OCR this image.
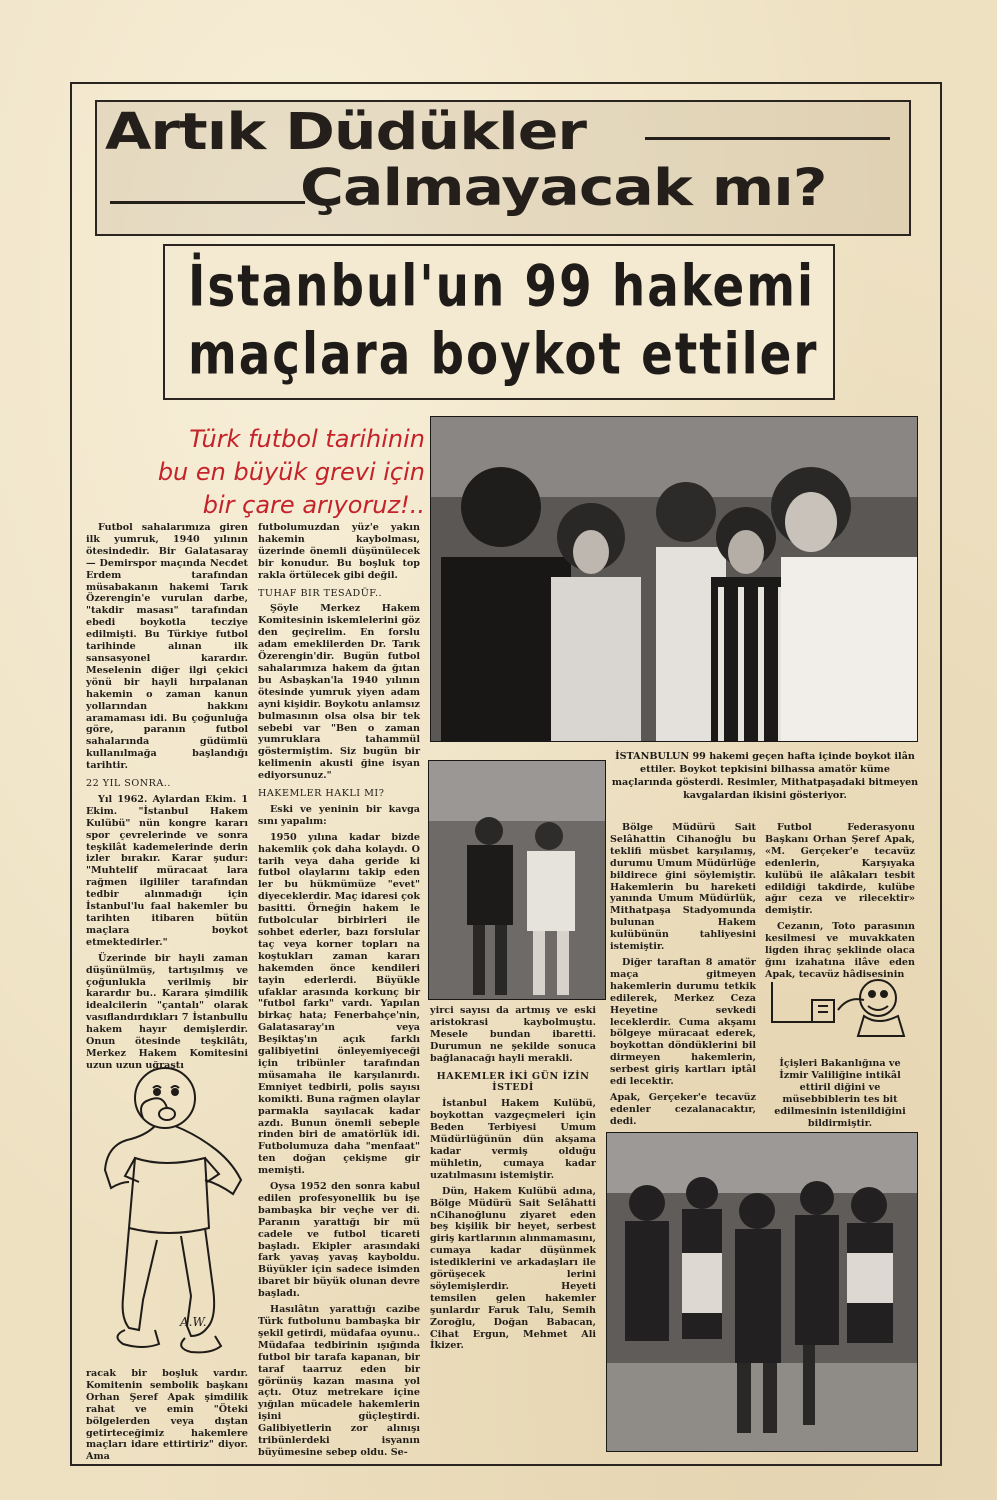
Artık Düdükler
Çalmayacak mı?
İstanbul'un 99 hakemi
maçlara boykot ettiler
Türk futbol tarihinin
bu en büyük grevi için
bir çare arıyoruz!..

Futbol sahalarımıza giren ilk yumruk, 1940 yılının ötesindedir. Bir Galatasaray — Demirspor maçında Necdet Erdem tarafından müsabakanın hakemi Tarık Özerengin'e vurulan darbe, "takdir masası" tarafından ebedi boykotla tecziye edilmişti. Bu Türkiye futbol tarihinde alınan ilk sansasyonel karardır. Meselenin diğer ilgi çekici yönü bir hayli hırpalanan hakemin o zaman kanun yollarından hakkını aramaması idi. Bu çoğunluğa göre, paranın futbol sahalarında güdümlü kullanılmağa başlandığı tarihtir.

22 YIL SONRA..

Yıl 1962. Aylardan Ekim. 1 Ekim. "İstanbul Hakem Kulübü" nün kongre kararı spor çevrelerinde ve sonra teşkilât kademelerinde derin izler bırakır. Karar şudur: "Muhtelif müracaat lara rağmen ilgililer tarafından tedbir alınmadığı için İstanbul'lu faal hakemler bu tarihten itibaren bütün maçlara boykot etmektedirler."

Üzerinde bir hayli zaman düşünülmüş, tartışılmış ve çoğunlukla verilmiş bir karardır bu.. Karara şimdilik idealcilerin "çantalı" olarak vasıflandırdıkları 7 İstanbullu hakem hayır demişlerdir. Onun ötesinde teşkilâtı, Merkez Hakem Komitesini uzun uzun uğraştı

A.W.

racak bir boşluk vardır. Komitenin sembolik başkanı Orhan Şeref Apak şimdilik rahat ve emin "Öteki bölgelerden veya dıştan getirteceğimiz hakemlere maçları idare ettirtiriz" diyor. Ama

futbolumuzdan yüz'e yakın hakemin kaybolması, üzerinde önemli düşünülecek bir konudur. Bu boşluk top rakla örtülecek gibi değil.

TUHAF BIR TESADÜF..

Şöyle Merkez Hakem Komitesinin iskemlelerini göz den geçirelim. En forslu adam emeklilerden Dr. Tarık Özerengin'dir. Bugün futbol sahalarımıza hakem da ğıtan bu Asbaşkan'la 1940 yılının ötesinde yumruk yiyen adam ayni kişidir. Boykotu anlamsız bulmasının olsa olsa bir tek sebebi var "Ben o zaman yumruklara tahammül göstermiştim. Siz bugün bir kelimenin akusti ğine isyan ediyorsunuz."

HAKEMLER HAKLI MI?

Eski ve yeninin bir kavga sını yapalım:

1950 yılına kadar bizde hakemlik çok daha kolaydı. O tarih veya daha geride ki futbol olaylarını takip eden ler bu hükmümüze "evet" diyeceklerdir. Maç idaresi çok basitti. Örneğin hakem le futbolcular birbirleri ile sohbet ederler, bazı forslular taç veya korner topları na koştukları zaman kararı hakemden önce kendileri tayin ederlerdi. Büyükle ufaklar arasında korkunç bir "futbol farkı" vardı. Yapılan birkaç hata; Fenerbahçe'nin, Galatasaray'ın veya Beşiktaş'ın açık farklı galibiyetini önleyemiyeceği için tribünler tarafından müsamaha ile karşılanırdı. Emniyet tedbirli, polis sayısı komikti. Buna rağmen olaylar parmakla sayılacak kadar azdı. Bunun önemli sebeple rinden biri de amatörlük idi. Futbolumuza daha "menfaat" ten doğan çekişme gir memişti.

Oysa 1952 den sonra kabul edilen profesyonellik bu işe bambaşka bir veçhe ver di. Paranın yarattığı bir mü cadele ve futbol ticareti başladı. Ekipler arasındaki fark yavaş yavaş kayboldu. Büyükler için sadece isimden ibaret bir büyük olunan devre başladı.

Hasılâtın yarattığı cazibe Türk futbolunu bambaşka bir şekil getirdi, müdafaa oyunu.. Müdafaa tedbirinin ışığında futbol bir tarafa kapanan, bir taraf taarruz eden bir görünüş kazan masına yol açtı. Otuz metrekare içine yığılan mücadele hakemlerin işini güçleştirdi. Galibiyetlerin zor alınışı tribünlerdeki isyanın büyümesine sebep oldu. Se-

İSTANBULUN 99 hakemi geçen hafta içinde boykot ilân ettiler. Boykot tepkisini bilhassa amatör küme maçlarında gösterdi. Resimler, Mithatpaşadaki bitmeyen kavgalardan ikisini gösteriyor.

yirci sayısı da artmış ve eski aristokrasi kaybolmuştu. Mesele bundan ibaretti. Durumun ne şekilde sonuca bağlanacağı hayli merakli.

HAKEMLER İKİ GÜN İZİN İSTEDİ

İstanbul Hakem Kulübü, boykottan vazgeçmeleri için Beden Terbiyesi Umum Müdürlüğünün dün akşama kadar vermiş olduğu mühletin, cumaya kadar uzatılmasını istemiştir.

Dün, Hakem Kulübü adına, Bölge Müdürü Sait Selâhatti nCihanoğlunu ziyaret eden beş kişilik bir heyet, serbest giriş kartlarının alınmamasını, cumaya kadar düşünmek istediklerini ve arkadaşları ile görüşecek lerini söylemişlerdir. Heyeti temsilen gelen hakemler şunlardır Faruk Talu, Semih Zoroğlu, Doğan Babacan, Cihat Ergun, Mehmet Ali İkizer.

Bölge Müdürü Sait Selâhattin Cihanoğlu bu teklifi müsbet karşılamış, durumu Umum Müdürlüğe bildirece ğini söylemiştir. Hakemlerin bu hareketi yanında Umum Müdürlük, Mithatpaşa Stadyomunda bulunan Hakem kulübünün tahliyesini istemiştir.

Diğer taraftan 8 amatör maça gitmeyen hakemlerin durumu tetkik edilerek, Merkez Ceza Heyetine sevkedi leceklerdir. Cuma akşamı bölgeye müracaat ederek, boykottan döndüklerini bil dirmeyen hakemlerin, serbest giriş kartları iptâl edi lecektir.

Apak, Gerçeker'e tecavüz edenler cezalanacaktır, dedi.

Futbol Federasyonu Başkanı Orhan Şeref Apak, «M. Gerçeker'e tecavüz edenlerin, Karşıyaka kulübü ile alâkaları tesbit edildiği takdirde, kulübe ağır ceza ve rilecektir» demiştir.

Cezanın, Toto parasının kesilmesi ve muvakkaten ligden ihraç şeklinde olaca ğını izahatına ilâve eden Apak, tecavüz hâdisesinin

İçişleri Bakanlığına ve İzmir Valiliğine intikâl ettiril diğini ve müsebbiblerin tes bit edilmesinin istenildiğini bildirmiştir.
